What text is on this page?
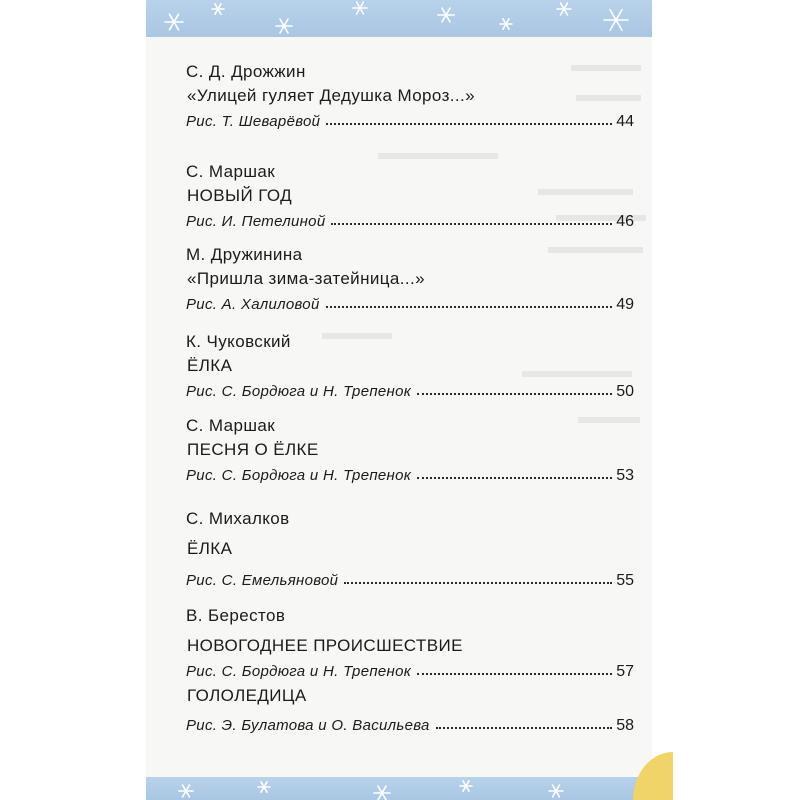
С. Д. Дрожжин
«Улицей гуляет Дедушка Мороз...»
Рис. Т. Шеварёвой	44
С. Маршак
НОВЫЙ ГОД
Рис. И. Петелиной	46
М. Дружинина
«Пришла зима-затейница...»
Рис. А. Халиловой	49
К. Чуковский
ЁЛКА
Рис. С. Бордюга и Н. Трепенок	50
С. Маршак
ПЕСНЯ О ЁЛКЕ
Рис. С. Бордюга и Н. Трепенок	53
С. Михалков
ЁЛКА
Рис. С. Емельяновой	55
В. Берестов
НОВОГОДНЕЕ ПРОИСШЕСТВИЕ
Рис. С. Бордюга и Н. Трепенок	57
ГОЛОЛЕДИЦА
Рис. Э. Булатова и О. Васильева	58
